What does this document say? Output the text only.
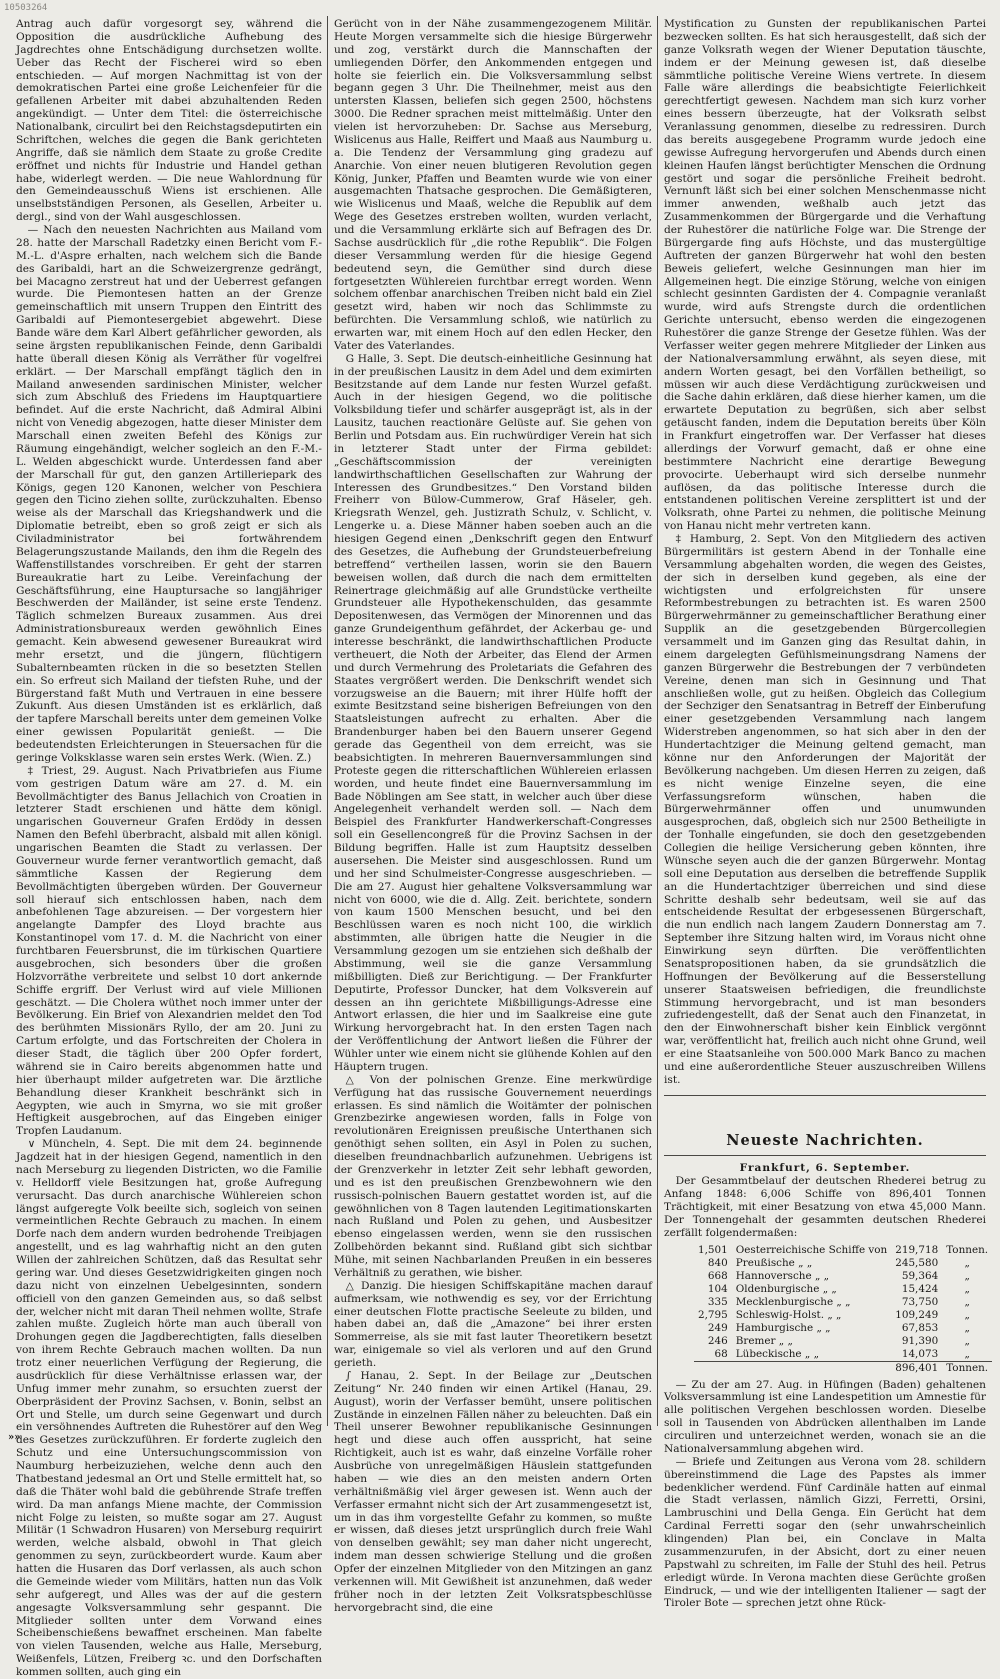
10503264

Antrag auch dafür vorgesorgt sey, während die Opposition die ausdrückliche Aufhebung des Jagdrechtes ohne Entschädigung durchsetzen wollte. Ueber das Recht der Fischerei wird so eben entschieden. — Auf morgen Nachmittag ist von der demokratischen Partei eine große Leichenfeier für die gefallenen Arbeiter mit dabei abzuhaltenden Reden angekündigt. — Unter dem Titel: die österreichische Nationalbank, circulirt bei den Reichstagsdeputirten ein Schriftchen, welches die gegen die Bank gerichteten Angriffe, daß sie nämlich dem Staate zu große Credite eröffnet und nichts für Industrie und Handel gethan habe, widerlegt werden. — Die neue Wahlordnung für den Gemeindeausschuß Wiens ist erschienen. Alle unselbstständigen Personen, als Gesellen, Arbeiter u. dergl., sind von der Wahl ausgeschlossen.

— Nach den neuesten Nachrichten aus Mailand vom 28. hatte der Marschall Radetzky einen Bericht vom F.-M.-L. d'Aspre erhalten, nach welchem sich die Bande des Garibaldi, hart an die Schweizergrenze gedrängt, bei Macagno zerstreut hat und der Ueberrest gefangen wurde. Die Piemontesen hatten an der Grenze gemeinschaftlich mit unsern Truppen den Eintritt des Garibaldi auf Piemontesergebiet abgewehrt. Diese Bande wäre dem Karl Albert gefährlicher geworden, als seine ärgsten republikanischen Feinde, denn Garibaldi hatte überall diesen König als Verräther für vogelfrei erklärt. — Der Marschall empfängt täglich den in Mailand anwesenden sardinischen Minister, welcher sich zum Abschluß des Friedens im Hauptquartiere befindet. Auf die erste Nachricht, daß Admiral Albini nicht von Venedig abgezogen, hatte dieser Minister dem Marschall einen zweiten Befehl des Königs zur Räumung eingehändigt, welcher sogleich an den F.-M.-L. Welden abgeschickt wurde. Unterdessen fand aber der Marschall für gut, den ganzen Artilleriepark des Königs, gegen 120 Kanonen, welcher von Peschiera gegen den Ticino ziehen sollte, zurückzuhalten. Ebenso weise als der Marschall das Kriegshandwerk und die Diplomatie betreibt, eben so groß zeigt er sich als Civiladministrator bei fortwährendem Belagerungszustande Mailands, den ihm die Regeln des Waffenstillstandes vorschreiben. Er geht der starren Bureaukratie hart zu Leibe. Vereinfachung der Geschäftsführung, eine Hauptursache so langjähriger Beschwerden der Mailänder, ist seine erste Tendenz. Täglich schmelzen Bureaux zusammen. Aus drei Administrationsbureaux werden gewöhnlich Eines gemacht. Kein abwesend gewesener Bureaukrat wird mehr ersetzt, und die jüngern, flüchtigern Subalternbeamten rücken in die so besetzten Stellen ein. So erfreut sich Mailand der tiefsten Ruhe, und der Bürgerstand faßt Muth und Vertrauen in eine bessere Zukunft. Aus diesen Umständen ist es erklärlich, daß der tapfere Marschall bereits unter dem gemeinen Volke einer gewissen Popularität genießt. — Die bedeutendsten Erleichterungen in Steuersachen für die geringe Volksklasse waren sein erstes Werk. (Wien. Z.)

‡ Triest, 29. August. Nach Privatbriefen aus Fiume vom gestrigen Datum wäre am 27. d. M. ein Bevollmächtigter des Banus Jellachich von Croatien in letzterer Stadt erschienen und hätte dem königl. ungarischen Gouverneur Grafen Erdödy in dessen Namen den Befehl überbracht, alsbald mit allen königl. ungarischen Beamten die Stadt zu verlassen. Der Gouverneur wurde ferner verantwortlich gemacht, daß sämmtliche Kassen der Regierung dem Bevollmächtigten übergeben würden. Der Gouverneur soll hierauf sich entschlossen haben, nach dem anbefohlenen Tage abzureisen. — Der vorgestern hier angelangte Dampfer des Lloyd brachte aus Konstantinopel vom 17. d. M. die Nachricht von einer furchtbaren Feuersbrunst, die im türkischen Quartiere ausgebrochen, sich besonders über die großen Holzvorräthe verbreitete und selbst 10 dort ankernde Schiffe ergriff. Der Verlust wird auf viele Millionen geschätzt. — Die Cholera wüthet noch immer unter der Bevölkerung. Ein Brief von Alexandrien meldet den Tod des berühmten Missionärs Ryllo, der am 20. Juni zu Cartum erfolgte, und das Fortschreiten der Cholera in dieser Stadt, die täglich über 200 Opfer fordert, während sie in Cairo bereits abgenommen hatte und hier überhaupt milder aufgetreten war. Die ärztliche Behandlung dieser Krankheit beschränkt sich in Aegypten, wie auch in Smyrna, wo sie mit großer Heftigkeit ausgebrochen, auf das Eingeben einiger Tropfen Laudanum.

∨ Müncheln, 4. Sept. Die mit dem 24. beginnende Jagdzeit hat in der hiesigen Gegend, namentlich in den nach Merseburg zu liegenden Districten, wo die Familie v. Helldorff viele Besitzungen hat, große Aufregung verursacht. Das durch anarchische Wühlereien schon längst aufgeregte Volk beeilte sich, sogleich von seinen vermeintlichen Rechte Gebrauch zu machen. In einem Dorfe nach dem andern wurden bedrohende Treibjagen angestellt, und es lag wahrhaftig nicht an den guten Willen der zahlreichen Schützen, daß das Resultat sehr gering war. Und dieses Gesetzwidrigkeiten gingen noch dazu nicht von einzelnen Uebelgesinnten, sondern officiell von den ganzen Gemeinden aus, so daß selbst der, welcher nicht mit daran Theil nehmen wollte, Strafe zahlen mußte. Zugleich hörte man auch überall von Drohungen gegen die Jagdberechtigten, falls dieselben von ihrem Rechte Gebrauch machen wollten. Da nun trotz einer neuerlichen Verfügung der Regierung, die ausdrücklich für diese Verhältnisse erlassen war, der Unfug immer mehr zunahm, so ersuchten zuerst der Oberpräsident der Provinz Sachsen, v. Bonin, selbst an Ort und Stelle, um durch seine Gegenwart und durch ein versöhnendes Auftreten die Ruhestörer auf den Weg des Gesetzes zurückzuführen. Er forderte zugleich den Schutz und eine Untersuchungscommission von Naumburg herbeizuziehen, welche denn auch den Thatbestand jedesmal an Ort und Stelle ermittelt hat, so daß die Thäter wohl bald die gebührende Strafe treffen wird. Da man anfangs Miene machte, der Commission nicht Folge zu leisten, so mußte sogar am 27. August Militär (1 Schwadron Husaren) von Merseburg requirirt werden, welche alsbald, obwohl in That gleich genommen zu seyn, zurückbeordert wurde. Kaum aber hatten die Husaren das Dorf verlassen, als auch schon die Gemeinde wieder vom Militärs, hatten nun das Volk sehr aufgeregt, und Alles was der auf die gestern angesagte Volksversammlung sehr gespannt. Die Mitglieder sollten unter dem Vorwand eines Scheibenschießens bewaffnet erscheinen. Man fabelte von vielen Tausenden, welche aus Halle, Merseburg, Weißenfels, Lützen, Freiberg ꝛc. und den Dorfschaften kommen sollten, auch ging ein

Gerücht von in der Nähe zusammengezogenem Militär. Heute Morgen versammelte sich die hiesige Bürgerwehr und zog, verstärkt durch die Mannschaften der umliegenden Dörfer, den Ankommenden entgegen und holte sie feierlich ein. Die Volksversammlung selbst begann gegen 3 Uhr. Die Theilnehmer, meist aus den untersten Klassen, beliefen sich gegen 2500, höchstens 3000. Die Redner sprachen meist mittelmäßig. Unter den vielen ist hervorzuheben: Dr. Sachse aus Merseburg, Wislicenus aus Halle, Reiffert und Maaß aus Naumburg u. a. Die Tendenz der Versammlung ging gradezu auf Anarchie. Von einer neuen blutigeren Revolution gegen König, Junker, Pfaffen und Beamten wurde wie von einer ausgemachten Thatsache gesprochen. Die Gemäßigteren, wie Wislicenus und Maaß, welche die Republik auf dem Wege des Gesetzes erstreben wollten, wurden verlacht, und die Versammlung erklärte sich auf Befragen des Dr. Sachse ausdrücklich für „die rothe Republik“. Die Folgen dieser Versammlung werden für die hiesige Gegend bedeutend seyn, die Gemüther sind durch diese fortgesetzten Wühlereien furchtbar erregt worden. Wenn solchem offenbar anarchischen Treiben nicht bald ein Ziel gesetzt wird, haben wir noch das Schlimmste zu befürchten. Die Versammlung schloß, wie natürlich zu erwarten war, mit einem Hoch auf den edlen Hecker, den Vater des Vaterlandes.

G Halle, 3. Sept. Die deutsch-einheitliche Gesinnung hat in der preußischen Lausitz in dem Adel und dem eximirten Besitzstande auf dem Lande nur festen Wurzel gefaßt. Auch in der hiesigen Gegend, wo die politische Volksbildung tiefer und schärfer ausgeprägt ist, als in der Lausitz, tauchen reactionäre Gelüste auf. Sie gehen von Berlin und Potsdam aus. Ein ruchwürdiger Verein hat sich in letzterer Stadt unter der Firma gebildet: „Geschäftscommission der vereinigten landwirthschaftlichen Gesellschaften zur Wahrung der Interessen des Grundbesitzes.“ Den Vorstand bilden Freiherr von Bülow-Cummerow, Graf Häseler, geh. Kriegsrath Wenzel, geh. Justizrath Schulz, v. Schlicht, v. Lengerke u. a. Diese Männer haben soeben auch an die hiesigen Gegend einen „Denkschrift gegen den Entwurf des Gesetzes, die Aufhebung der Grundsteuerbefreiung betreffend“ vertheilen lassen, worin sie den Bauern beweisen wollen, daß durch die nach dem ermittelten Reinertrage gleichmäßig auf alle Grundstücke vertheilte Grundsteuer alle Hypothekenschulden, das gesammte Depositenwesen, das Vermögen der Minorennen und das ganze Grundeigenthum gefährdet, der Ackerbau ge- und interesse beschränkt, die landwirthschaftlichen Producte vertheuert, die Noth der Arbeiter, das Elend der Armen und durch Vermehrung des Proletariats die Gefahren des Staates vergrößert werden. Die Denkschrift wendet sich vorzugsweise an die Bauern; mit ihrer Hülfe hofft der eximte Besitzstand seine bisherigen Befreiungen von den Staatsleistungen aufrecht zu erhalten. Aber die Brandenburger haben bei den Bauern unserer Gegend gerade das Gegentheil von dem erreicht, was sie beabsichtigten. In mehreren Bauernversammlungen sind Proteste gegen die ritterschaftlichen Wühlereien erlassen worden, und heute findet eine Bauernversammlung im Bade Nöblingen am See statt, in welcher auch über diese Angelegenheit verhandelt werden soll. — Nach dem Beispiel des Frankfurter Handwerkerschaft-Congresses soll ein Gesellencongreß für die Provinz Sachsen in der Bildung begriffen. Halle ist zum Hauptsitz desselben ausersehen. Die Meister sind ausgeschlossen. Rund um und her sind Schulmeister-Congresse ausgeschrieben. — Die am 27. August hier gehaltene Volksversammlung war nicht von 6000, wie die d. Allg. Zeit. berichtete, sondern von kaum 1500 Menschen besucht, und bei den Beschlüssen waren es noch nicht 100, die wirklich abstimmten, alle übrigen hatte die Neugier in die Versammlung gezogen um sie entziehen sich deßhalb der Abstimmung, weil sie die ganze Versammlung mißbilligten. Dieß zur Berichtigung. — Der Frankfurter Deputirte, Professor Duncker, hat dem Volksverein auf dessen an ihn gerichtete Mißbilligungs-Adresse eine Antwort erlassen, die hier und im Saalkreise eine gute Wirkung hervorgebracht hat. In den ersten Tagen nach der Veröffentlichung der Antwort ließen die Führer der Wühler unter wie einem nicht sie glühende Kohlen auf den Häuptern trugen.

△ Von der polnischen Grenze. Eine merkwürdige Verfügung hat das russische Gouvernement neuerdings erlassen. Es sind nämlich die Woitämter der polnischen Grenzbezirke angewiesen worden, falls in Folge von revolutionären Ereignissen preußische Unterthanen sich genöthigt sehen sollten, ein Asyl in Polen zu suchen, dieselben freundnachbarlich aufzunehmen. Uebrigens ist der Grenzverkehr in letzter Zeit sehr lebhaft geworden, und es ist den preußischen Grenzbewohnern wie den russisch-polnischen Bauern gestattet worden ist, auf die gewöhnlichen von 8 Tagen lautenden Legitimationskarten nach Rußland und Polen zu gehen, und Ausbesitzer ebenso eingelassen werden, wenn sie den russischen Zollbehörden bekannt sind. Rußland gibt sich sichtbar Mühe, mit seinen Nachbarlanden Preußen in ein besseres Verhältniß zu gerathen, wie bisher.

△ Danzig. Die hiesigen Schiffskapitäne machen darauf aufmerksam, wie nothwendig es sey, vor der Errichtung einer deutschen Flotte practische Seeleute zu bilden, und haben dabei an, daß die „Amazone“ bei ihrer ersten Sommerreise, als sie mit fast lauter Theoretikern besetzt war, einigemale so viel als verloren und auf den Grund gerieth.

∫ Hanau, 2. Sept. In der Beilage zur „Deutschen Zeitung“ Nr. 240 finden wir einen Artikel (Hanau, 29. August), worin der Verfasser bemüht, unsere politischen Zustände in einzelnen Fällen näher zu beleuchten. Daß ein Theil unserer Bewohner republikanische Gesinnungen hegt und diese auch offen ausspricht, hat seine Richtigkeit, auch ist es wahr, daß einzelne Vorfälle roher Ausbrüche von unregelmäßigen Häuslein stattgefunden haben — wie dies an den meisten andern Orten verhältnißmäßig viel ärger gewesen ist. Wenn auch der Verfasser ermahnt nicht sich der Art zusammengesetzt ist, um in das ihm vorgestellte Gefahr zu kommen, so mußte er wissen, daß dieses jetzt ursprünglich durch freie Wahl von denselben gewählt; sey man daher nicht ungerecht, indem man dessen schwierige Stellung und die großen Opfer der einzelnen Mitglieder von den Mitzingen an ganz verkennen will. Mit Gewißheit ist anzunehmen, daß weder früher noch in der letzten Zeit Volksratspbeschlüsse hervorgebracht sind, die eine

Mystification zu Gunsten der republikanischen Partei bezwecken sollten. Es hat sich herausgestellt, daß sich der ganze Volksrath wegen der Wiener Deputation täuschte, indem er der Meinung gewesen ist, daß dieselbe sämmtliche politische Vereine Wiens vertrete. In diesem Falle wäre allerdings die beabsichtigte Feierlichkeit gerechtfertigt gewesen. Nachdem man sich kurz vorher eines bessern überzeugte, hat der Volksrath selbst Veranlassung genommen, dieselbe zu redressiren. Durch das bereits ausgegebene Programm wurde jedoch eine gewisse Aufregung hervorgerufen und Abends durch einen kleinen Haufen längst berüchtigter Menschen die Ordnung gestört und sogar die persönliche Freiheit bedroht. Vernunft läßt sich bei einer solchen Menschenmasse nicht immer anwenden, weßhalb auch jetzt das Zusammenkommen der Bürgergarde und die Verhaftung der Ruhestörer die natürliche Folge war. Die Strenge der Bürgergarde fing aufs Höchste, und das mustergültige Auftreten der ganzen Bürgerwehr hat wohl den besten Beweis geliefert, welche Gesinnungen man hier im Allgemeinen hegt. Die einzige Störung, welche von einigen schlecht gesinnten Gardisten der 4. Compagnie veranlaßt wurde, wird aufs Strengste durch die ordentlichen Gerichte untersucht, ebenso werden die eingezogenen Ruhestörer die ganze Strenge der Gesetze fühlen. Was der Verfasser weiter gegen mehrere Mitglieder der Linken aus der Nationalversammlung erwähnt, als seyen diese, mit andern Worten gesagt, bei den Vorfällen betheiligt, so müssen wir auch diese Verdächtigung zurückweisen und die Sache dahin erklären, daß diese hierher kamen, um die erwartete Deputation zu begrüßen, sich aber selbst getäuscht fanden, indem die Deputation bereits über Köln in Frankfurt eingetroffen war. Der Verfasser hat dieses allerdings der Vorwurf gemacht, daß er ohne eine bestimmtere Nachricht eine derartige Bewegung provocirte. Ueberhaupt wird sich derselbe nunmehr auflösen, da das politische Interesse durch die entstandenen politischen Vereine zersplittert ist und der Volksrath, ohne Partei zu nehmen, die politische Meinung von Hanau nicht mehr vertreten kann.

‡ Hamburg, 2. Sept. Von den Mitgliedern des activen Bürgermilitärs ist gestern Abend in der Tonhalle eine Versammlung abgehalten worden, die wegen des Geistes, der sich in derselben kund gegeben, als eine der wichtigsten und erfolgreichsten für unsere Reformbestrebungen zu betrachten ist. Es waren 2500 Bürgerwehrmänner zu gemeinschaftlicher Berathung einer Supplik an die gesetzgebenden Bürgercollegien versammelt und im Ganzen ging das Resultat dahin, in einem dargelegten Gefühlsmeinungsdrang Namens der ganzen Bürgerwehr die Bestrebungen der 7 verbündeten Vereine, denen man sich in Gesinnung und That anschließen wolle, gut zu heißen. Obgleich das Collegium der Sechziger den Senatsantrag in Betreff der Einberufung einer gesetzgebenden Versammlung nach langem Widerstreben angenommen, so hat sich aber in den der Hundertachtziger die Meinung geltend gemacht, man könne nur den Anforderungen der Majorität der Bevölkerung nachgeben. Um diesen Herren zu zeigen, daß es nicht wenige Einzelne seyen, die eine Verfassungsreform wünschen, haben die Bürgerwehrmänner offen und unumwunden ausgesprochen, daß, obgleich sich nur 2500 Betheiligte in der Tonhalle eingefunden, sie doch den gesetzgebenden Collegien die heilige Versicherung geben könnten, ihre Wünsche seyen auch die der ganzen Bürgerwehr. Montag soll eine Deputation aus derselben die betreffende Supplik an die Hundertachtziger überreichen und sind diese Schritte deshalb sehr bedeutsam, weil sie auf das entscheidende Resultat der erbgesessenen Bürgerschaft, die nun endlich nach langem Zaudern Donnerstag am 7. September ihre Sitzung halten wird, im Voraus nicht ohne Einwirkung seyn dürften. Die veröffentlichten Senatspropositionen haben, da sie grundsätzlich die Hoffnungen der Bevölkerung auf die Besserstellung unserer Staatsweisen befriedigen, die freundlichste Stimmung hervorgebracht, und ist man besonders zufriedengestellt, daß der Senat auch den Finanzetat, in den der Einwohnerschaft bisher kein Einblick vergönnt war, veröffentlicht hat, freilich auch nicht ohne Grund, weil er eine Staatsanleihe von 500.000 Mark Banco zu machen und eine außerordentliche Steuer auszuschreiben Willens ist.

Neueste Nachrichten.

Frankfurt, 6. September.

Der Gesammtbelauf der deutschen Rhederei betrug zu Anfang 1848: 6,006 Schiffe von 896,401 Tonnen Trächtigkeit, mit einer Besatzung von etwa 45,000 Mann. Der Tonnengehalt der gesammten deutschen Rhederei zerfällt folgendermaßen:

1,501	Oesterreichische Schiffe von	219,718	Tonnen.
840	Preußische „ „	245,580	„
668	Hannoversche „ „	59,364	„
104	Oldenburgische „ „	15,424	„
335	Mecklenburgische „ „	73,750	„
2,795	Schleswig-Holst. „ „	109,249	„
249	Hamburgische „ „	67,853	„
246	Bremer „ „	91,390	„
68	Lübeckische „ „	14,073	„
		896,401	Tonnen.

— Zu der am 27. Aug. in Hüfingen (Baden) gehaltenen Volksversammlung ist eine Landespetition um Amnestie für alle politischen Vergehen beschlossen worden. Dieselbe soll in Tausenden von Abdrücken allenthalben im Lande circuliren und unterzeichnet werden, wonach sie an die Nationalversammlung abgehen wird.

— Briefe und Zeitungen aus Verona vom 28. schildern übereinstimmend die Lage des Papstes als immer bedenklicher werdend. Fünf Cardinäle hatten auf einmal die Stadt verlassen, nämlich Gizzi, Ferretti, Orsini, Lambruschini und Della Genga. Ein Gerücht hat dem Cardinal Ferretti sogar den (sehr unwahrscheinlich klingenden) Plan bei, ein Conclave in Malta zusammenzurufen, in der Absicht, dort zu einer neuen Papstwahl zu schreiten, im Falle der Stuhl des heil. Petrus erledigt würde. In Verona machten diese Gerüchte großen Eindruck, — und wie der intelligenten Italiener — sagt der Tiroler Bote — sprechen jetzt ohne Rück-

»»
